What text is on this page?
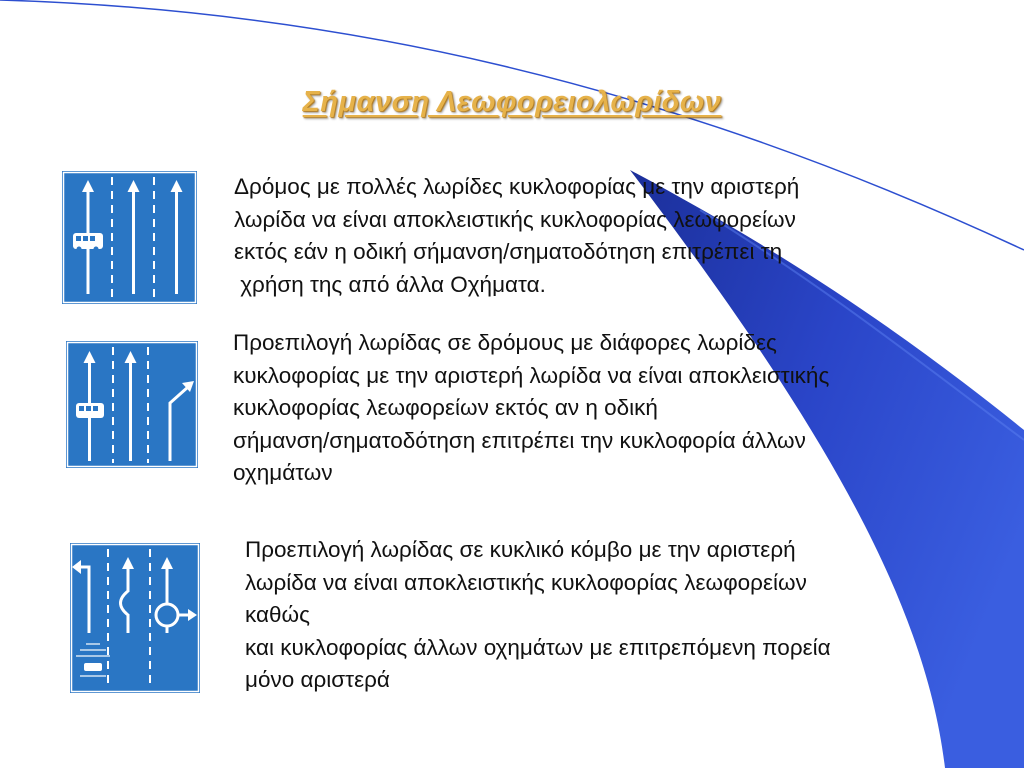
Σήμανση Λεωφορειολωρίδων
Δρόμος με πολλές λωρίδες κυκλοφορίας με την αριστερή
λωρίδα να είναι αποκλειστικής κυκλοφορίας λεωφορείων
εκτός εάν η οδική σήμανση/σηματοδότηση επιτρέπει τη
χρήση της από άλλα Οχήματα.
Προεπιλογή λωρίδας σε δρόμους με διάφορες λωρίδες
κυκλοφορίας με την αριστερή λωρίδα να είναι αποκλειστικής
κυκλοφορίας λεωφορείων εκτός αν η οδική
σήμανση/σηματοδότηση επιτρέπει την κυκλοφορία άλλων
οχημάτων
Προεπιλογή λωρίδας σε κυκλικό κόμβο με την αριστερή
λωρίδα να είναι αποκλειστικής κυκλοφορίας λεωφορείων
καθώς
και κυκλοφορίας άλλων οχημάτων με επιτρεπόμενη πορεία
μόνο αριστερά
